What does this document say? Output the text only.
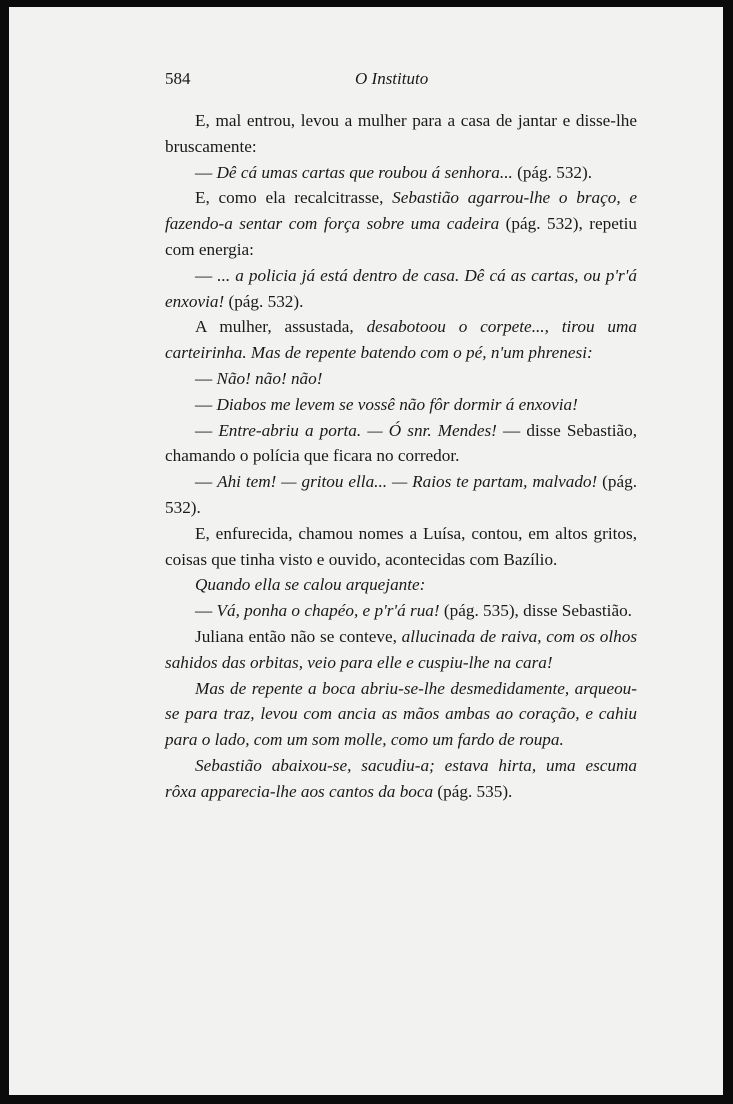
584	O Instituto

E, mal entrou, levou a mulher para a casa de jantar e disse-lhe bruscamente:

— Dê cá umas cartas que roubou á senhora... (pág. 532).

E, como ela recalcitrasse, Sebastião agarrou-lhe o braço, e fazendo-a sentar com força sobre uma cadeira (pág. 532), repetiu com energia:

— ... a policia já está dentro de casa. Dê cá as cartas, ou p'r'á enxovia! (pág. 532).

A mulher, assustada, desabotoou o corpete..., tirou uma carteirinha. Mas de repente batendo com o pé, n'um phrenesi:

— Não! não! não!

— Diabos me levem se vossê não fôr dormir á enxovia!

— Entre-abriu a porta. — Ó snr. Mendes! — disse Sebastião, chamando o polícia que ficara no corredor.

— Ahi tem! — gritou ella... — Raios te partam, malvado! (pág. 532).

E, enfurecida, chamou nomes a Luísa, contou, em altos gritos, coisas que tinha visto e ouvido, acontecidas com Bazílio.

Quando ella se calou arquejante:

— Vá, ponha o chapéo, e p'r'á rua! (pág. 535), disse Sebastião.

Juliana então não se conteve, allucinada de raiva, com os olhos sahidos das orbitas, veio para elle e cuspiu-lhe na cara!

Mas de repente a boca abriu-se-lhe desmedidamente, arqueou-se para traz, levou com ancia as mãos ambas ao coração, e cahiu para o lado, com um som molle, como um fardo de roupa.

Sebastião abaixou-se, sacudiu-a; estava hirta, uma escuma rôxa apparecia-lhe aos cantos da boca (pág. 535).
